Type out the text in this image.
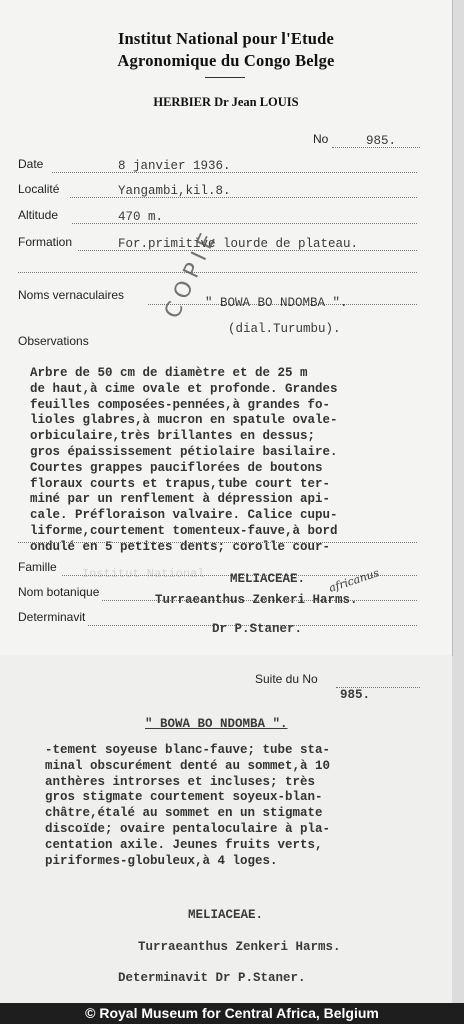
Institut National pour l'Etude
Agronomique du Congo Belge
HERBIER Dr Jean LOUIS
No	985.
Date	8 janvier 1936.
Localité	Yangambi,kil.8.
Altitude	470 m.
Formation	For.primitive lourde de plateau.
Noms vernaculaires
" BOWA BO NDOMBA ".
(dial.Turumbu).
Observations
COPIE
Arbre de 50 cm de diamètre et de 25 m
de haut,à cime ovale et profonde. Grandes
feuilles composées-pennées,à grandes fo-
lioles glabres,à mucron en spatule ovale-
orbiculaire,très brillantes en dessus;
gros épaississement pétiolaire basilaire.
Courtes grappes pauciflorées de boutons
floraux courts et trapus,tube court ter-
miné par un renflement à dépression api-
cale. Préfloraison valvaire. Calice cupu-
liforme,courtement tomenteux-fauve,à bord
ondulé en 5 petites dents; corolle cour-
Institut National
Famille
MELIACEAE.
Nom botanique
Turraeanthus Zenkeri Harms.
africanus
Determinavit
Dr P.Staner.
Suite du No
985.
" BOWA BO NDOMBA ".
-tement soyeuse blanc-fauve; tube sta-
minal obscurément denté au sommet,à 10
anthères introrses et incluses; très
gros stigmate courtement soyeux-blan-
châtre,étalé au sommet en un stigmate
discoïde; ovaire pentaloculaire à pla-
centation axile. Jeunes fruits verts,
piriformes-globuleux,à 4 loges.
MELIACEAE.
Turraeanthus Zenkeri Harms.
Determinavit Dr P.Staner.
© Royal Museum for Central Africa, Belgium
